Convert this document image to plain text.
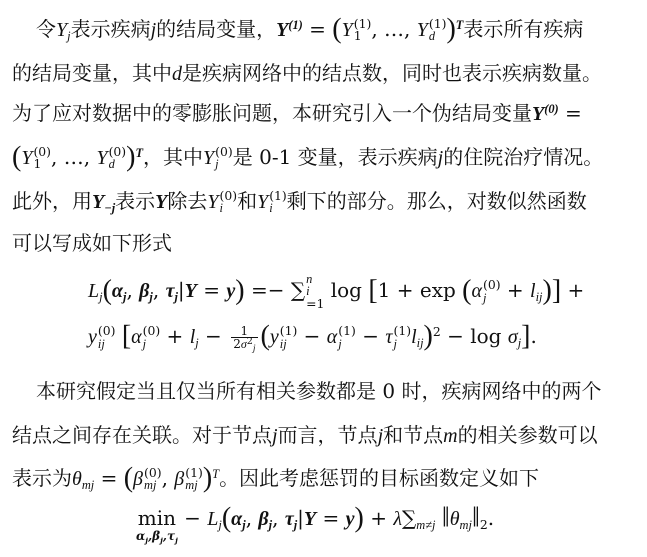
令$Y_j$表示疾病j的结局变量，$Y^{(1)} = (Y$ (1)
1 , …, Y (1)
d )$^T$表示所有疾病
的结局变量，其中d是疾病网络中的结点数，同时也表示疾病数量。
为了应对数据中的零膨胀问题，本研究引入一个伪结局变量$Y^{(0)}$ =
(Y (0)
1 , …, Y (0)
d )$^T$，其中Y (0)
j 是 0-1 变量，表示疾病j的住院治疗情况。
此外，用$Y_{-j}$表示Y除去Y (0)
i 和Y (1)
i 剩下的部分。那么，对数似然函数
可以写成如下形式
$L_j(\alpha_j$, $\beta_j$, $\tau_j|Y = y$) =− ∑ n
i
=1
log [1 + exp (α (0)
$j + l_{ij}$)] +
y (0)
ij [α (0)
$j + l_j - \frac{1}{2\sigma^2_j} (y$ (1)
ij − α (1)
j − τ (1)
j $l_{ij})^2 - \log \sigma_j$].
本研究假定当且仅当所有相关参数都是 0 时，疾病网络中的两个
结点之间存在关联。对于节点j而言，节点j和节点m的相关参数可以
表示为$\theta_{mj} = (\beta$ (0)
mj , β (1)
mj )$^T$。因此考虑惩罚的目标函数定义如下
min
$\alpha_j,\beta_j,\tau_j$
− $L_j(\alpha_j$, $\beta_j$, $\tau_j|Y = y) + \lambda\sum_{m\ne j}$ $‖\theta_{mj}‖_2$.
